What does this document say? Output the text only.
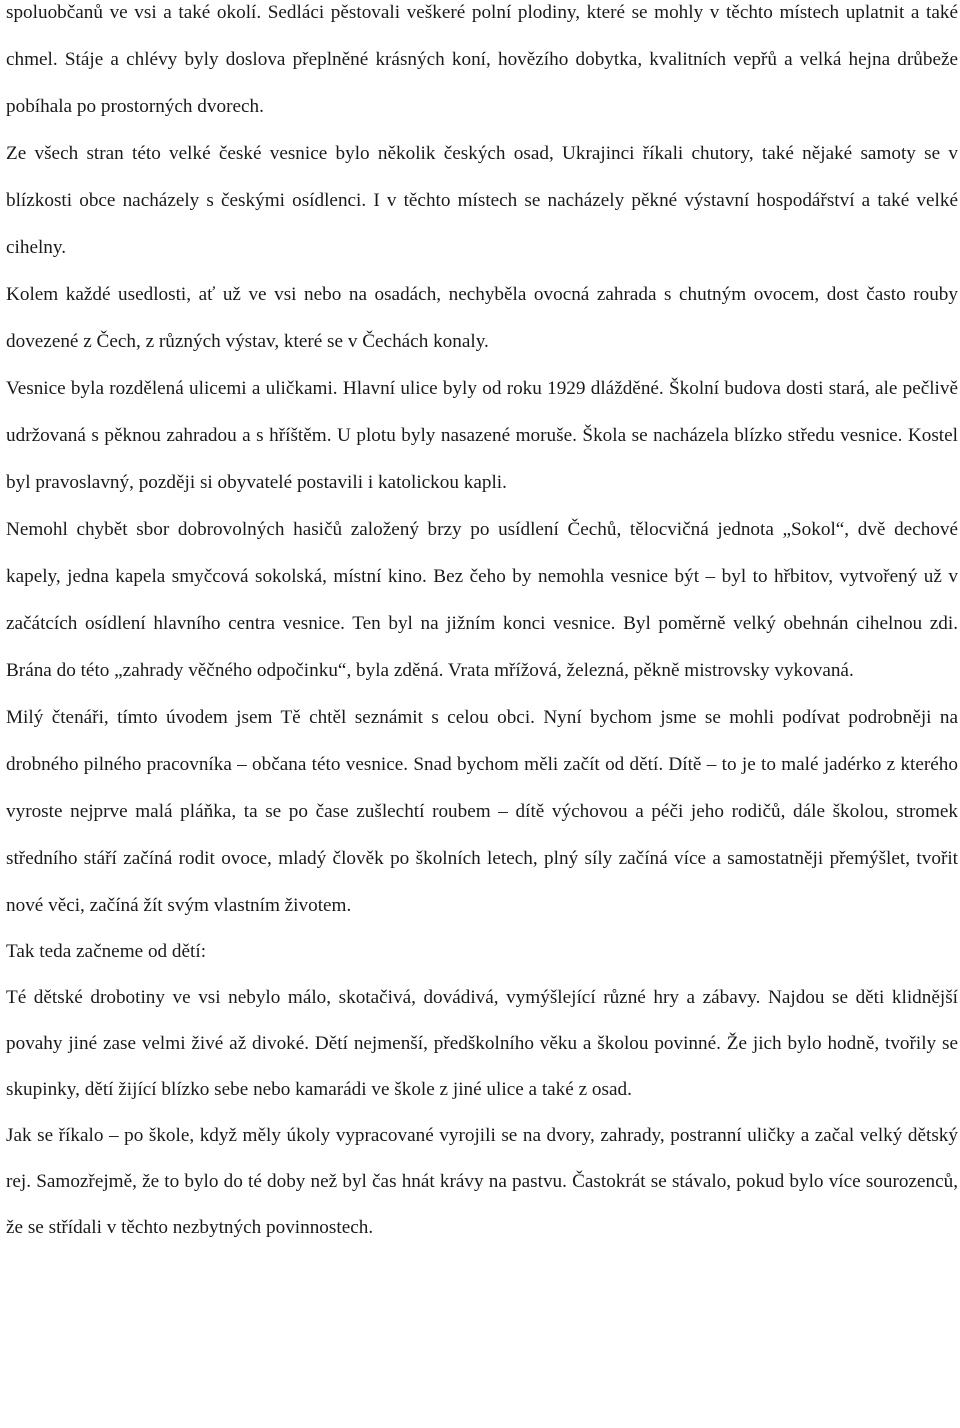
spoluobčanů ve vsi a také okolí. Sedláci pěstovali veškeré polní plodiny, které se mohly v těchto místech uplatnit a také chmel. Stáje a chlévy byly doslova přeplněné krásných koní, hovězího dobytka, kvalitních vepřů a velká hejna drůbeže pobíhala po prostorných dvorech.

Ze všech stran této velké české vesnice bylo několik českých osad, Ukrajinci říkali chutory, také nějaké samoty se v blízkosti obce nacházely s českými osídlenci. I v těchto místech se nacházely pěkné výstavní hospodářství a také velké cihelny.

Kolem každé usedlosti, ať už ve vsi nebo na osadách, nechyběla ovocná zahrada s chutným ovocem, dost často rouby dovezené z Čech, z různých výstav, které se v Čechách konaly.

Vesnice byla rozdělená ulicemi a uličkami. Hlavní ulice byly od roku 1929 dlážděné. Školní budova dosti stará, ale pečlivě udržovaná s pěknou zahradou a s hříštěm. U plotu byly nasazené moruše. Škola se nacházela blízko středu vesnice. Kostel byl pravoslavný, později si obyvatelé postavili i katolickou kapli.

Nemohl chybět sbor dobrovolných hasičů založený brzy po usídlení Čechů, tělocvičná jednota „Sokol“, dvě dechové kapely, jedna kapela smyčcová sokolská, místní kino. Bez čeho by nemohla vesnice být – byl to hřbitov, vytvořený už v začátcích osídlení hlavního centra vesnice. Ten byl na jižním konci vesnice. Byl poměrně velký obehnán cihelnou zdi. Brána do této „zahrady věčného odpočinku“, byla zděná. Vrata mřížová, železná, pěkně mistrovsky vykovaná.

Milý čtenáři, tímto úvodem jsem Tě chtěl seznámit s celou obci. Nyní bychom jsme se mohli podívat podrobněji na drobného pilného pracovníka – občana této vesnice. Snad bychom měli začít od dětí. Dítě – to je to malé jadérko z kterého vyroste nejprve malá pláňka, ta se po čase zušlechtí roubem – dítě výchovou a péči jeho rodičů, dále školou, stromek středního stáří začíná rodit ovoce, mladý člověk po školních letech, plný síly začíná více a samostatněji přemýšlet, tvořit nové věci, začíná žít svým vlastním životem.

Tak teda začneme od dětí:

Té dětské drobotiny ve vsi nebylo málo, skotačivá, dovádivá, vymýšlející různé hry a zábavy. Najdou se děti klidnější povahy jiné zase velmi živé až divoké. Dětí nejmenší, předškolního věku a školou povinné. Že jich bylo hodně, tvořily se skupinky, dětí žijící blízko sebe nebo kamarádi ve škole z jiné ulice a také z osad.

Jak se říkalo – po škole, když měly úkoly vypracované vyrojili se na dvory, zahrady, postranní uličky a začal velký dětský rej. Samozřejmě, že to bylo do té doby než byl čas hnát krávy na pastvu. Častokrát se stávalo, pokud bylo více sourozenců, že se střídali v těchto nezbytných povinnostech.
